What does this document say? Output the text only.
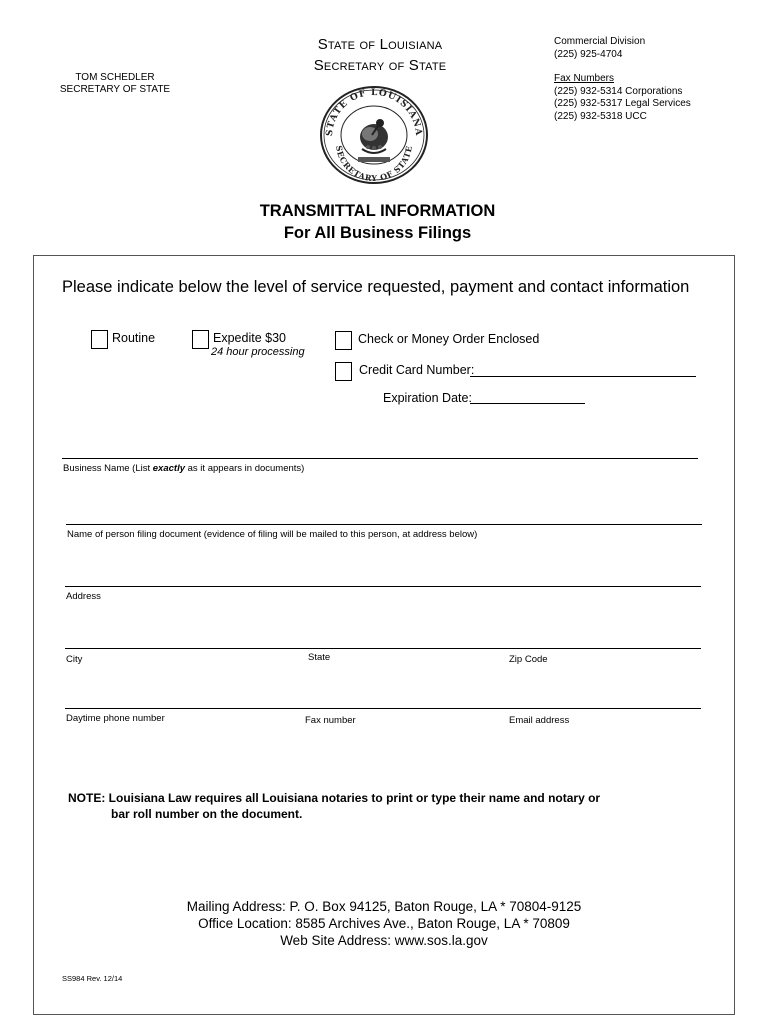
State of Louisiana
Secretary of State
TOM SCHEDLER
SECRETARY OF STATE
Commercial Division
(225) 925-4704
Fax Numbers
(225) 932-5314 Corporations
(225) 932-5317 Legal Services
(225) 932-5318 UCC
STATE OF LOUISIANA
SECRETARY OF STATE
TRANSMITTAL INFORMATION
For All Business Filings
Please indicate below the level of service requested, payment and contact information
Routine	Expedite $30
24 hour processing
Check or Money Order Enclosed
Credit Card Number:
Expiration Date:
Business Name (List exactly as it appears in documents)
Name of person filing document (evidence of filing will be mailed to this person, at address below)
Address
City	State	Zip Code
Daytime phone number	Fax number	Email address
NOTE: Louisiana Law requires all Louisiana notaries to print or type their name and notary or
bar roll number on the document.
Mailing Address: P. O. Box 94125, Baton Rouge, LA * 70804-9125
Office Location: 8585 Archives Ave., Baton Rouge, LA * 70809
Web Site Address: www.sos.la.gov
SS984 Rev. 12/14
